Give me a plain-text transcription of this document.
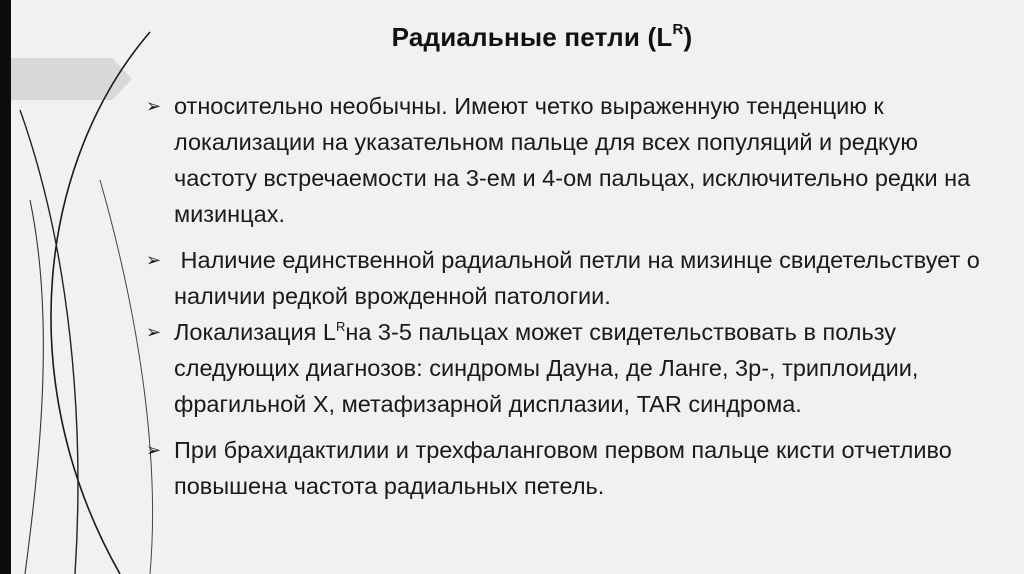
Радиальные петли $(L^R)$
➢ относительно необычны. Имеют четко выраженную тенденцию к локализации на указательном пальце для всех популяций и редкую частоту встречаемости на 3-ем и 4-ом пальцах, исключительно редки на мизинцах.
➢ Наличие единственной радиальной петли на мизинце свидетельствует о наличии редкой врожденной патологии.
➢ Локализация $L^Rна$ 3-5 пальцах может свидетельствовать в пользу следующих диагнозов: синдромы Дауна, де Ланге, 3р-, триплоидии, фрагильной X, метафизарной дисплазии, TAR синдрома.
➢ При брахидактилии и трехфаланговом первом пальце кисти отчетливо повышена частота радиальных петель.
